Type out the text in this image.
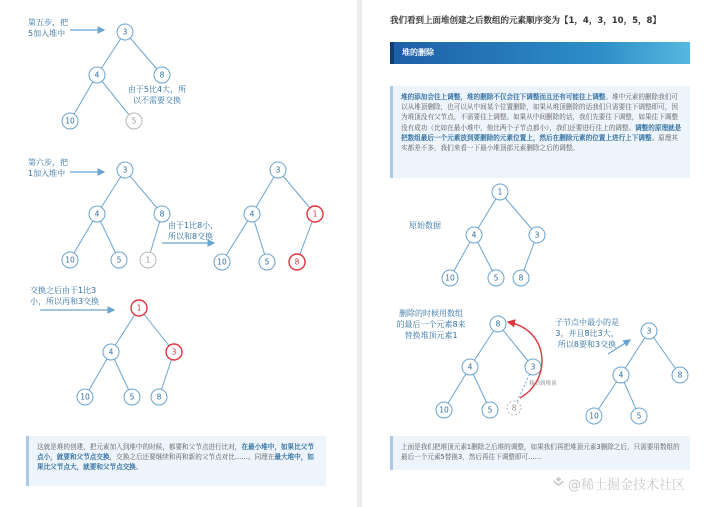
3
4	8
10	5
3
4	8
10	5	1
3
4	1
10	5	8
1
4	3
10	5	8
第五步，把
5加入堆中
由于5比4大，所
以不需要交换
第六步，把
1加入堆中
由于1比8小，
所以和8交换
交换之后由于1比3
小，所以再和3交换
这就是堆的创建，把元素加入到堆中的时候，都要和父节点进行比对，在最小堆中，如果比父节点小，就要和父节点交换，交换之后还要继续和再和新的父节点对比……。同理在最大堆中，如果比父节点大，就要和父节点交换。
我们看到上面堆创建之后数组的元素顺序变为【1，4，3，10，5，8】
堆的删除
堆的添加会往上调整，堆的删除不仅会往下调整而且还有可能往上调整。堆中元素的删除我们可以从堆顶删除，也可以从中间某个位置删除，如果从堆顶删除的话我们只需要往下调整即可，因为堆顶没有父节点，不需要往上调整。如果从中间删除的话，我们先要往下调整，如果往下调整没有成功（比如在最小堆中，他比两个子节点都小），我们还要进行往上的调整。调整的原理就是把数组最后一个元素放到要删除的元素位置上，然后在删除元素的位置上进行上下调整。原理其实都差不多，我们来看一下最小堆顶部元素删除之后的调整。
1
4	3
10	5	8
8
4	3
10	5	8
3
4	8
10	5
原始数据
删除的时候用数组
的最后一个元素8来
替换堆顶元素1
移动到堆顶
子节点中最小的是
3，并且8比3大，
所以8要和3交换
上面是我们把堆顶元素1删除之后堆的调整，如果我们再把堆顶元素3删除之后，只需要用数组的最后一个元素5替换3，然后再往下调整即可……
@稀土掘金技术社区
